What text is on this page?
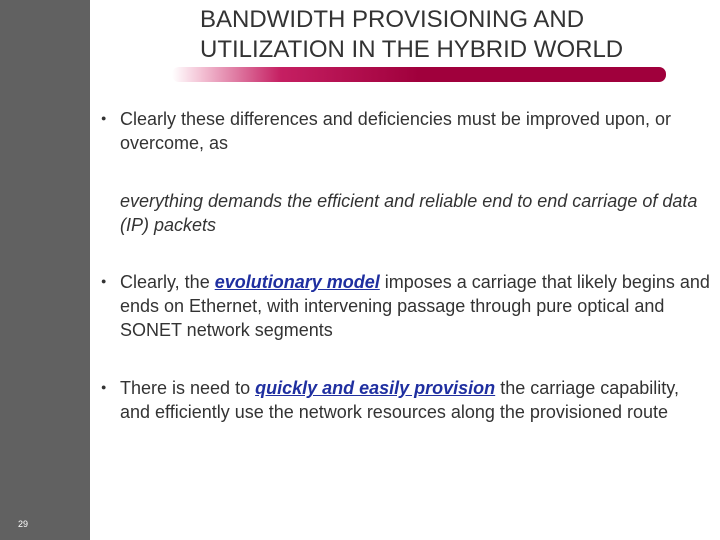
29
BANDWIDTH PROVISIONING AND
UTILIZATION IN THE HYBRID WORLD
● Clearly these differences and deficiencies must be improved upon, or overcome, as

everything demands the efficient and reliable end to end carriage of data (IP) packets

● Clearly, the evolutionary model imposes a carriage that likely begins and ends on Ethernet, with intervening passage through pure optical and SONET network segments

● There is need to quickly and easily provision the carriage capability, and efficiently use the network resources along the provisioned route
